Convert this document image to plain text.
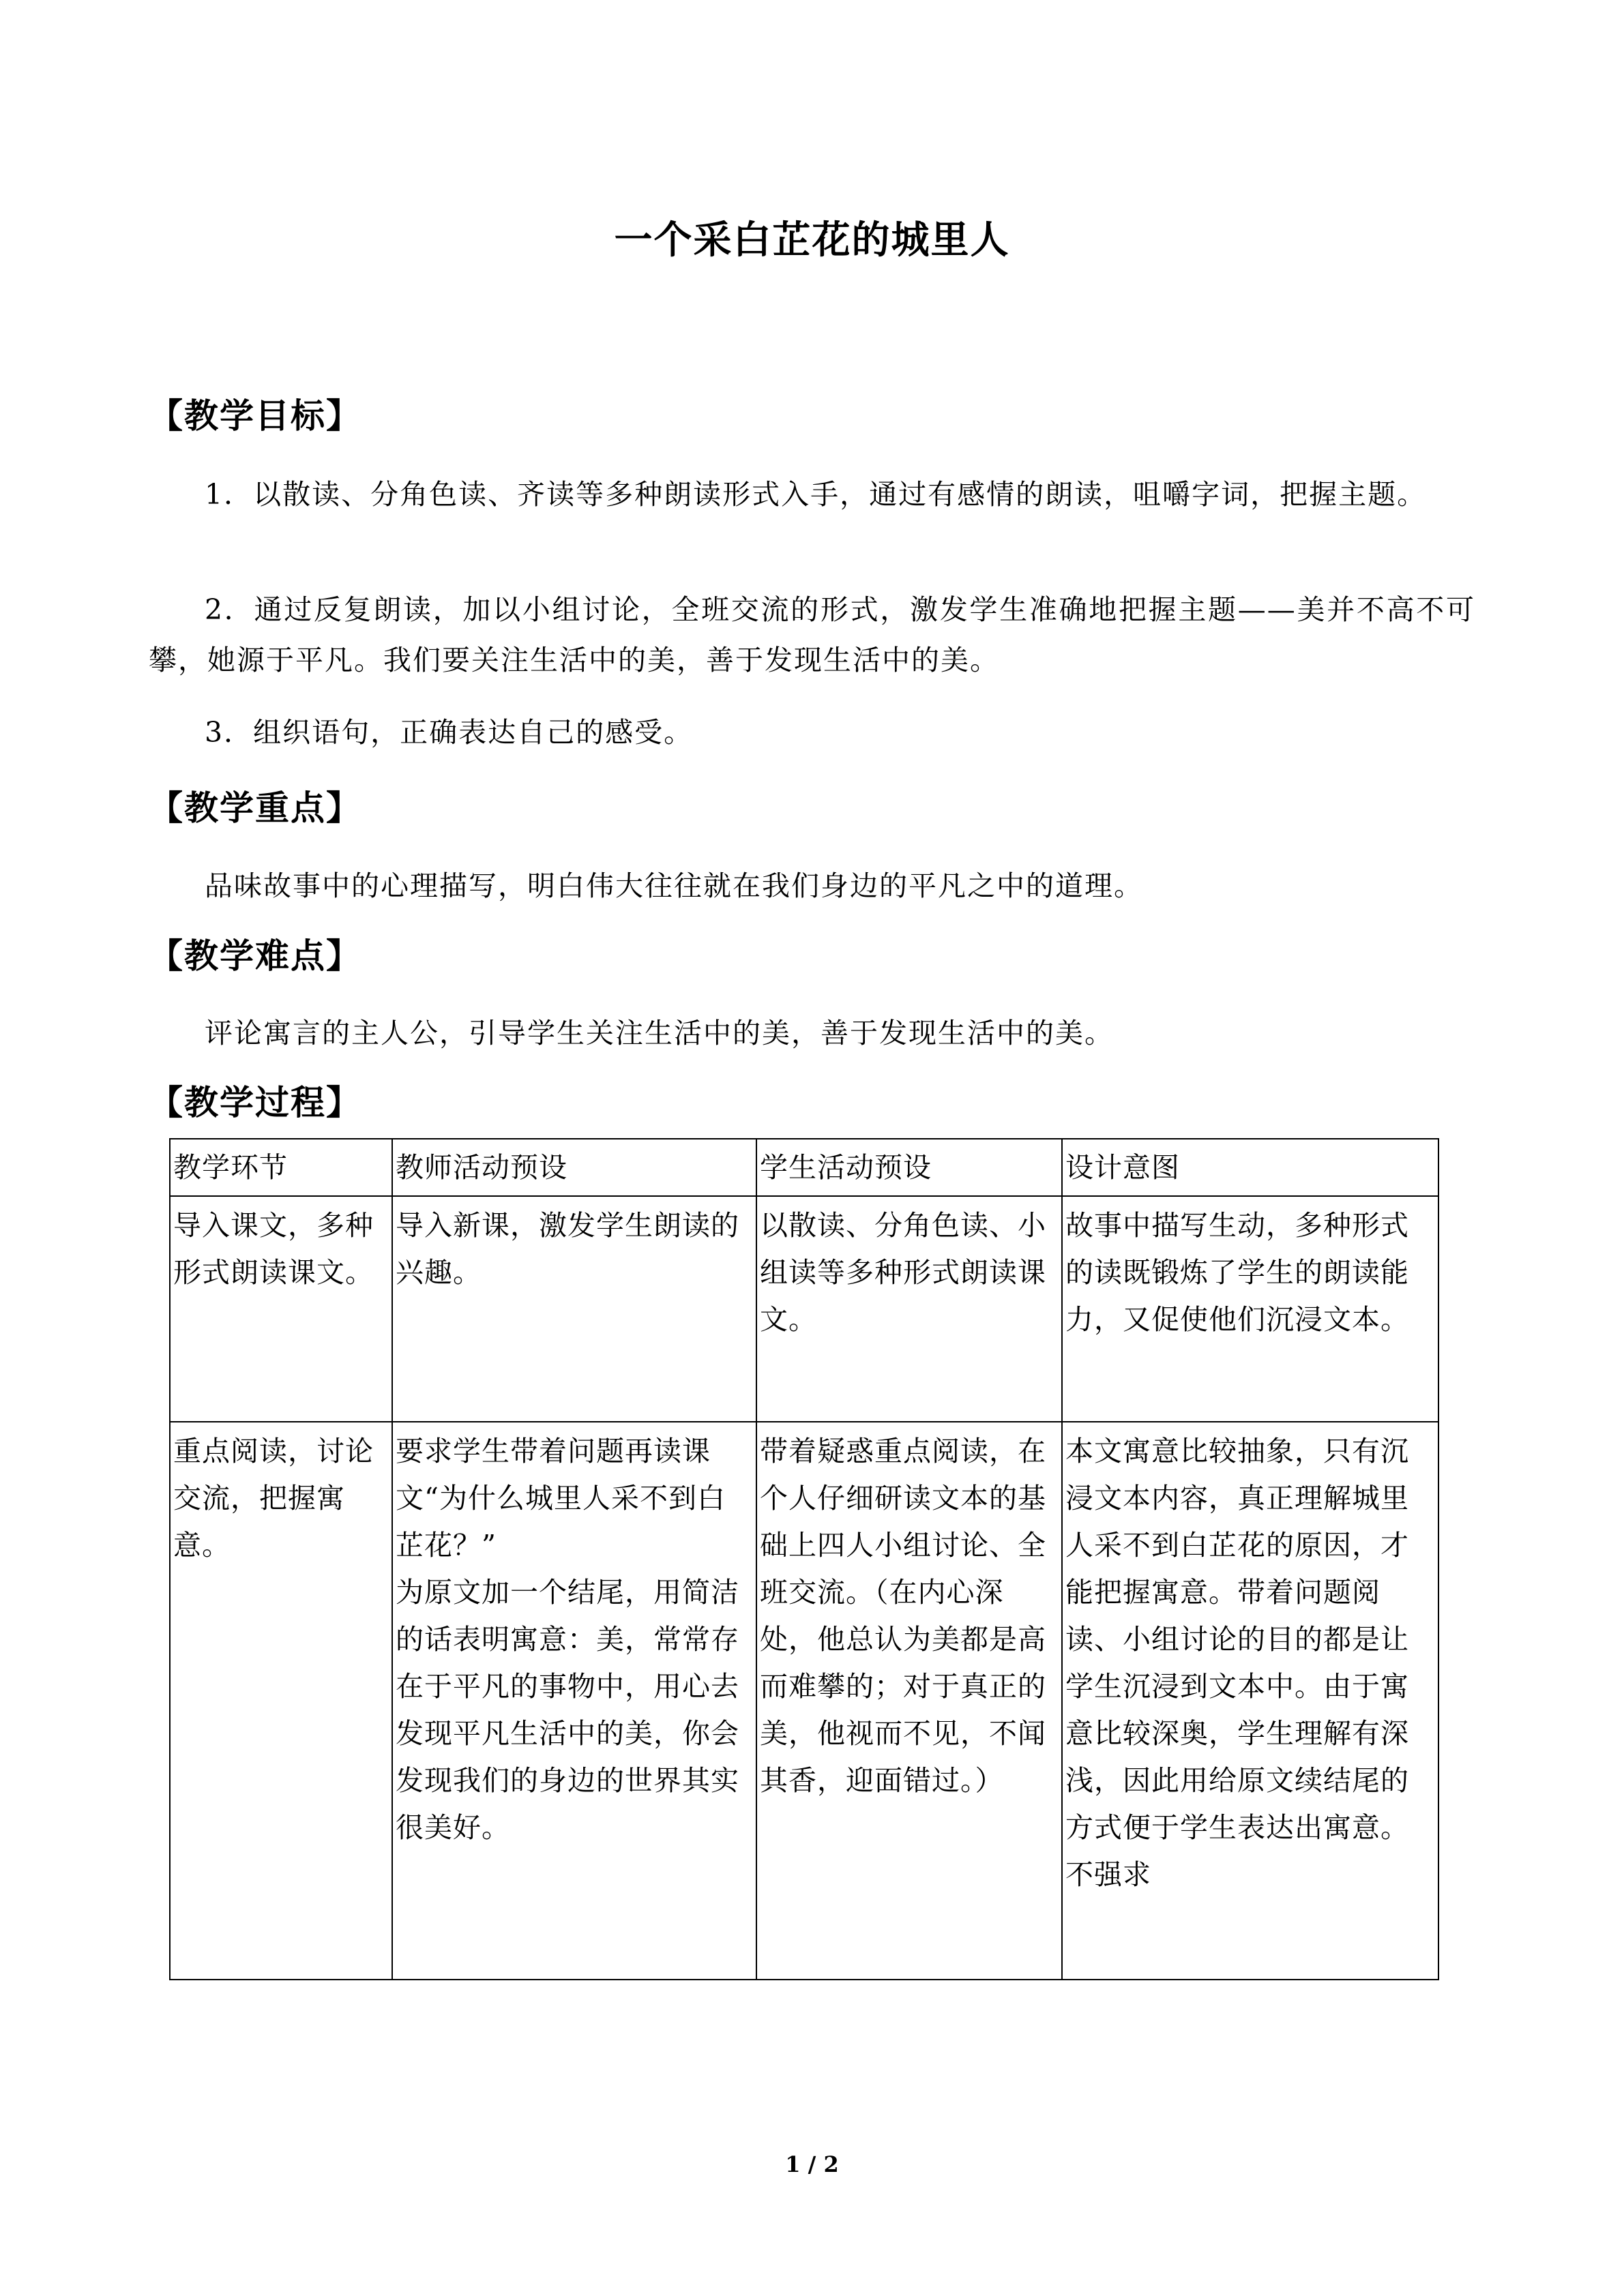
一个采白芷花的城里人
【教学目标】
1．以散读、分角色读、齐读等多种朗读形式入手，通过有感情的朗读，咀嚼字词，把握主题。
2．通过反复朗读，加以小组讨论，全班交流的形式，激发学生准确地把握主题——美并不高不可攀，她源于平凡。我们要关注生活中的美，善于发现生活中的美。
3．组织语句，正确表达自己的感受。
【教学重点】
品味故事中的心理描写，明白伟大往往就在我们身边的平凡之中的道理。
【教学难点】
评论寓言的主人公，引导学生关注生活中的美，善于发现生活中的美。
【教学过程】
教学环节	教师活动预设	学生活动预设	设计意图
导入课文，多种形式朗读课文。	导入新课，激发学生朗读的兴趣。	以散读、分角色读、小组读等多种形式朗读课文。	故事中描写生动，多种形式的读既锻炼了学生的朗读能力，又促使他们沉浸文本。
重点阅读，讨论交流，把握寓意。	要求学生带着问题再读课文“为什么城里人采不到白芷花？”
为原文加一个结尾，用简洁的话表明寓意：美，常常存在于平凡的事物中，用心去发现平凡生活中的美，你会发现我们的身边的世界其实很美好。	带着疑惑重点阅读，在个人仔细研读文本的基础上四人小组讨论、全班交流。（在内心深处，他总认为美都是高而难攀的；对于真正的美，他视而不见，不闻其香，迎面错过。）	本文寓意比较抽象，只有沉浸文本内容，真正理解城里人采不到白芷花的原因，才能把握寓意。带着问题阅读、小组讨论的目的都是让学生沉浸到文本中。由于寓意比较深奥，学生理解有深浅，因此用给原文续结尾的方式便于学生表达出寓意。不强求
1 / 2
